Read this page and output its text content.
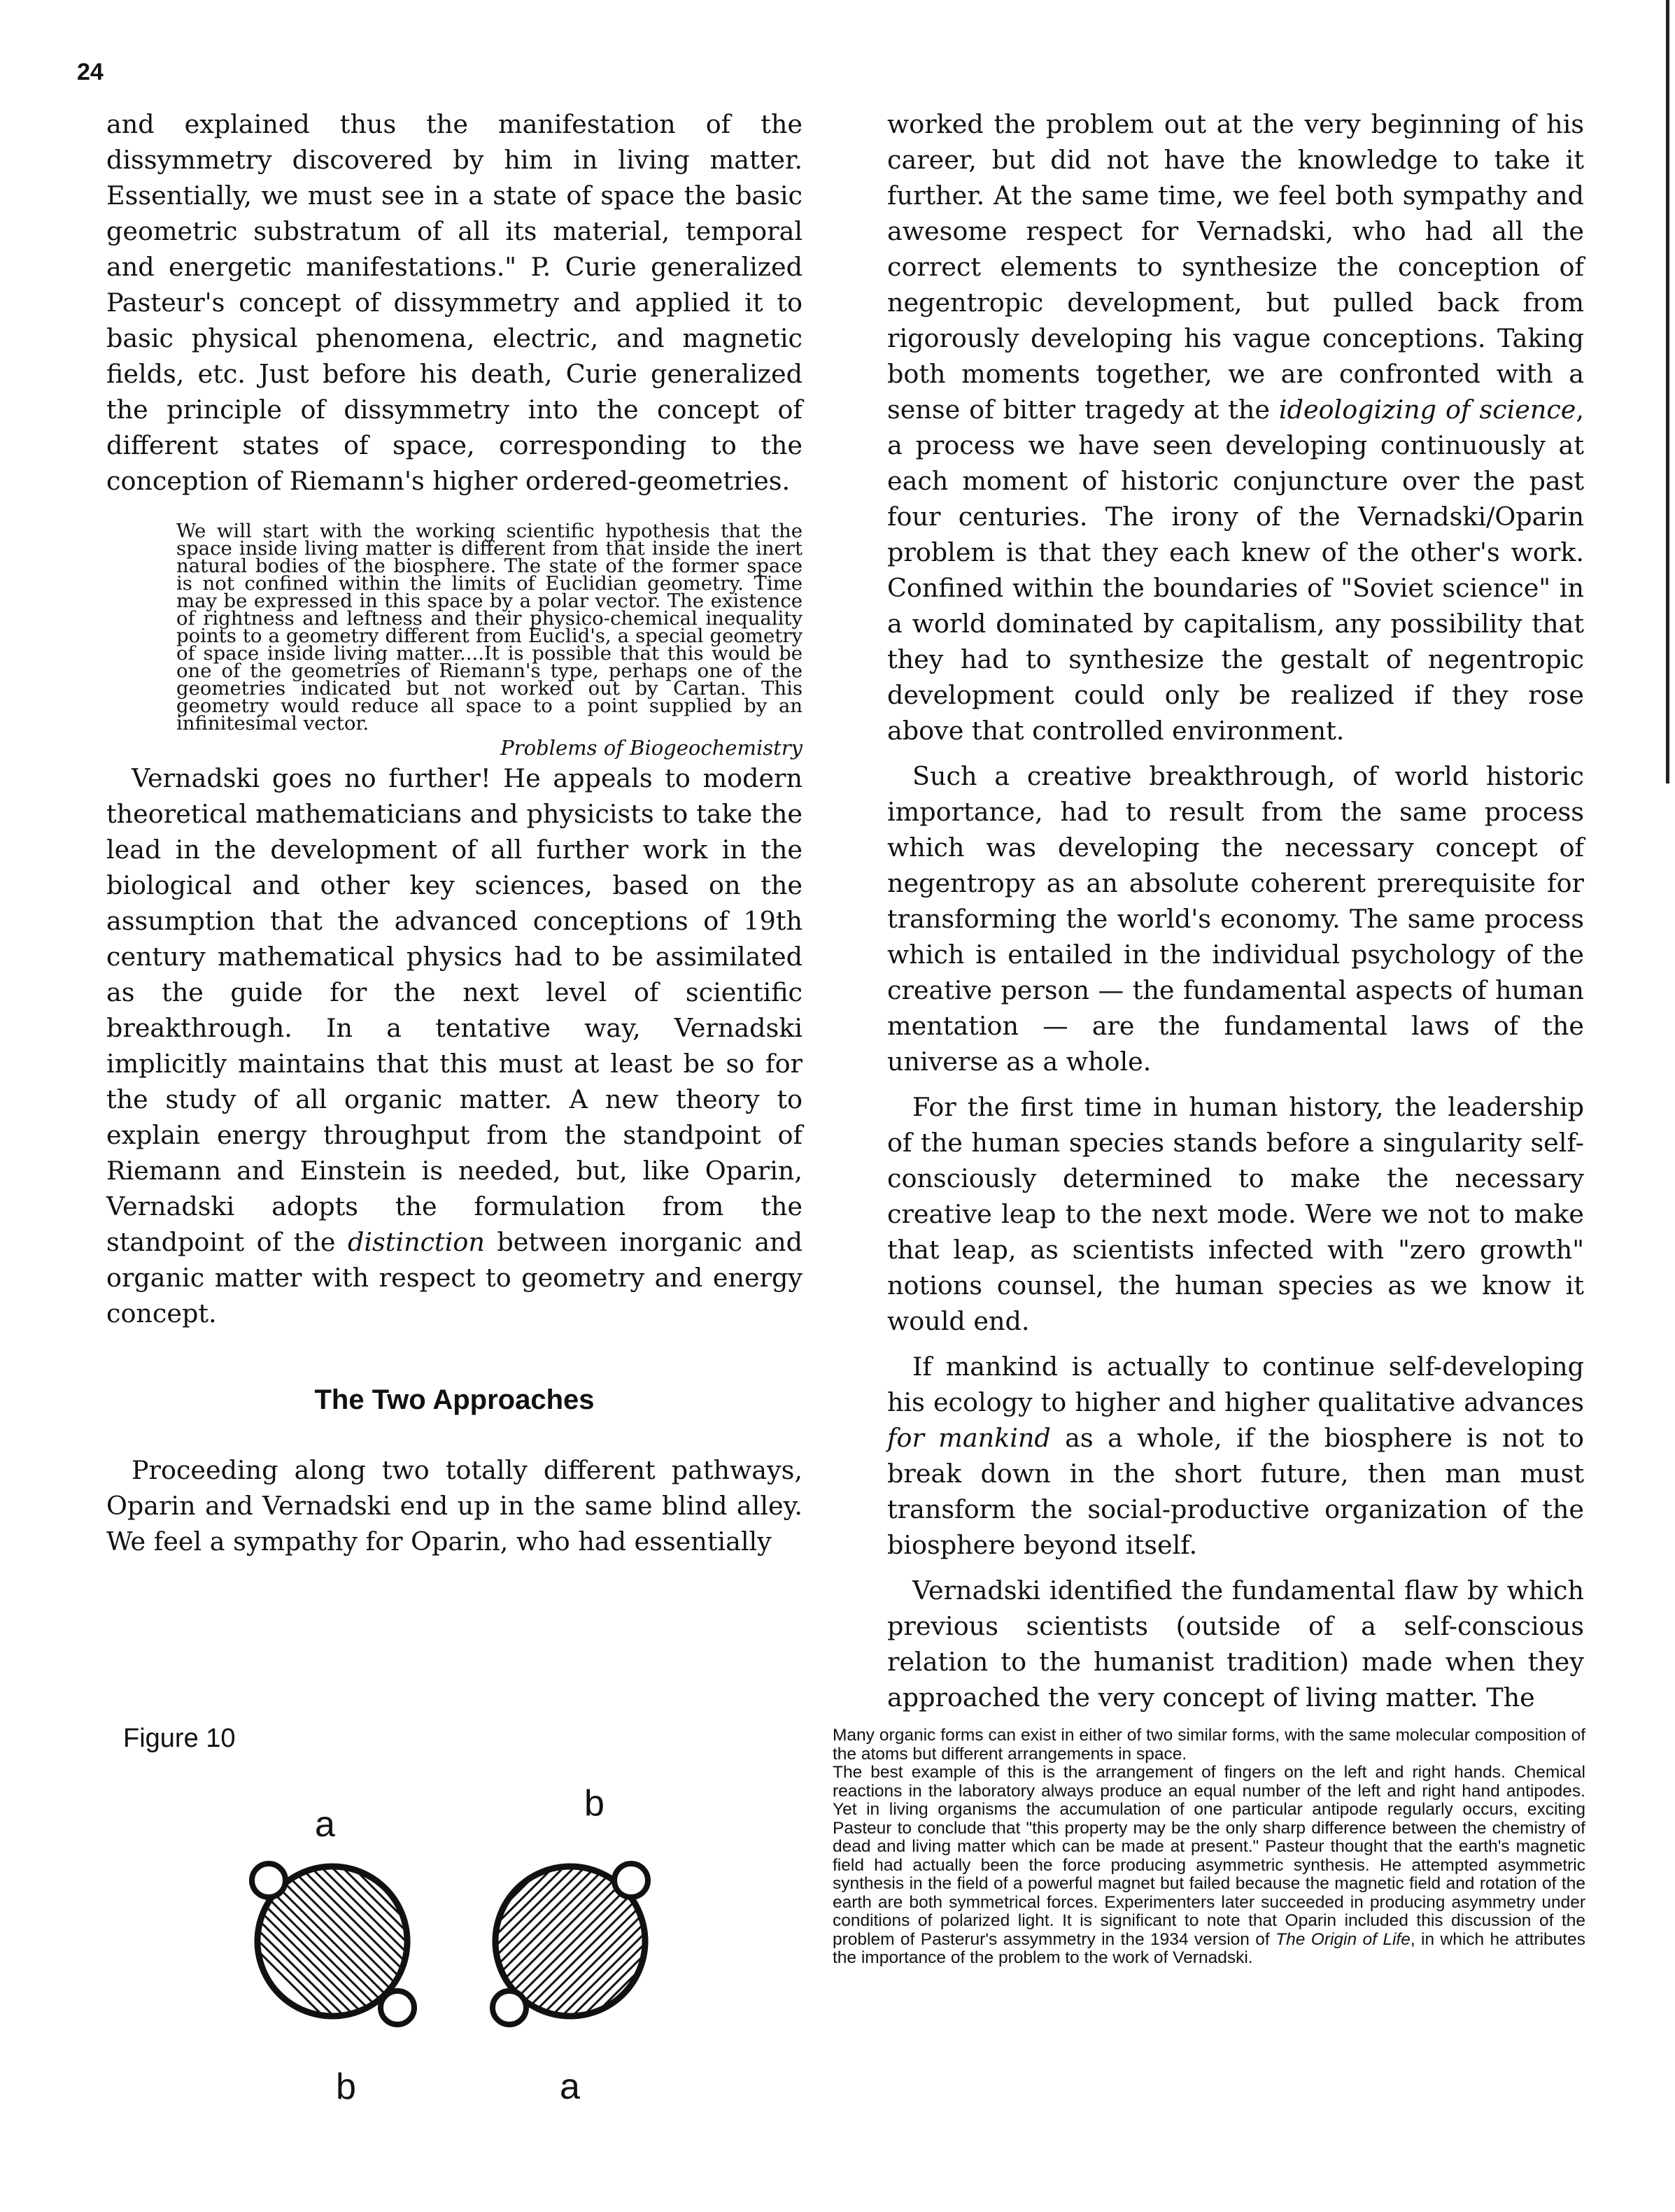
24

and explained thus the manifestation of the dissymmetry discovered by him in living matter. Essentially, we must see in a state of space the basic geometric substratum of all its material, temporal and energetic manifestations." P. Curie generalized Pasteur's concept of dissymmetry and applied it to basic physical phenomena, electric, and magnetic fields, etc. Just before his death, Curie generalized the principle of dissymmetry into the concept of different states of space, corresponding to the conception of Riemann's higher ordered-geometries.

We will start with the working scientific hypothesis that the space inside living matter is different from that inside the inert natural bodies of the biosphere. The state of the former space is not confined within the limits of Euclidian geometry. Time may be expressed in this space by a polar vector. The existence of rightness and leftness and their physico-chemical inequality points to a geometry different from Euclid's, a special geometry of space inside living matter....It is possible that this would be one of the geometries of Riemann's type, perhaps one of the geometries indicated but not worked out by Cartan. This geometry would reduce all space to a point supplied by an infinitesimal vector.
Problems of Biogeochemistry

Vernadski goes no further! He appeals to modern theoretical mathematicians and physicists to take the lead in the development of all further work in the biological and other key sciences, based on the assumption that the advanced conceptions of 19th century mathematical physics had to be assimilated as the guide for the next level of scientific breakthrough. In a tentative way, Vernadski implicitly maintains that this must at least be so for the study of all organic matter. A new theory to explain energy throughput from the standpoint of Riemann and Einstein is needed, but, like Oparin, Vernadski adopts the formulation from the standpoint of the distinction between inorganic and organic matter with respect to geometry and energy concept.

The Two Approaches

Proceeding along two totally different pathways, Oparin and Vernadski end up in the same blind alley. We feel a sympathy for Oparin, who had essentially

worked the problem out at the very beginning of his career, but did not have the knowledge to take it further. At the same time, we feel both sympathy and awesome respect for Vernadski, who had all the correct elements to synthesize the conception of negentropic development, but pulled back from rigorously developing his vague conceptions. Taking both moments together, we are confronted with a sense of bitter tragedy at the ideologizing of science, a process we have seen developing continuously at each moment of historic conjuncture over the past four centuries. The irony of the Vernadski/Oparin problem is that they each knew of the other's work. Confined within the boundaries of "Soviet science" in a world dominated by capitalism, any possibility that they had to synthesize the gestalt of negentropic development could only be realized if they rose above that controlled environment.

Such a creative breakthrough, of world historic importance, had to result from the same process which was developing the necessary concept of negentropy as an absolute coherent prerequisite for transforming the world's economy. The same process which is entailed in the individual psychology of the creative person — the fundamental aspects of human mentation — are the fundamental laws of the universe as a whole.

For the first time in human history, the leadership of the human species stands before a singularity self-consciously determined to make the necessary creative leap to the next mode. Were we not to make that leap, as scientists infected with "zero growth" notions counsel, the human species as we know it would end.

If mankind is actually to continue self-developing his ecology to higher and higher qualitative advances for mankind as a whole, if the biosphere is not to break down in the short future, then man must transform the social-productive organization of the biosphere beyond itself.

Vernadski identified the fundamental flaw by which previous scientists (outside of a self-conscious relation to the humanist tradition) made when they approached the very concept of living matter. The

Figure 10
a
b
b
a

Many organic forms can exist in either of two similar forms, with the same molecular composition of the atoms but different arrangements in space.

The best example of this is the arrangement of fingers on the left and right hands. Chemical reactions in the laboratory always produce an equal number of the left and right hand antipodes. Yet in living organisms the accumulation of one particular antipode regularly occurs, exciting Pasteur to conclude that "this property may be the only sharp difference between the chemistry of dead and living matter which can be made at present." Pasteur thought that the earth's magnetic field had actually been the force producing asymmetric synthesis. He attempted asymmetric synthesis in the field of a powerful magnet but failed because the magnetic field and rotation of the earth are both symmetrical forces. Experimenters later succeeded in producing asymmetry under conditions of polarized light. It is significant to note that Oparin included this discussion of the problem of Pasterur's assymmetry in the 1934 version of The Origin of Life, in which he attributes the importance of the problem to the work of Vernadski.
